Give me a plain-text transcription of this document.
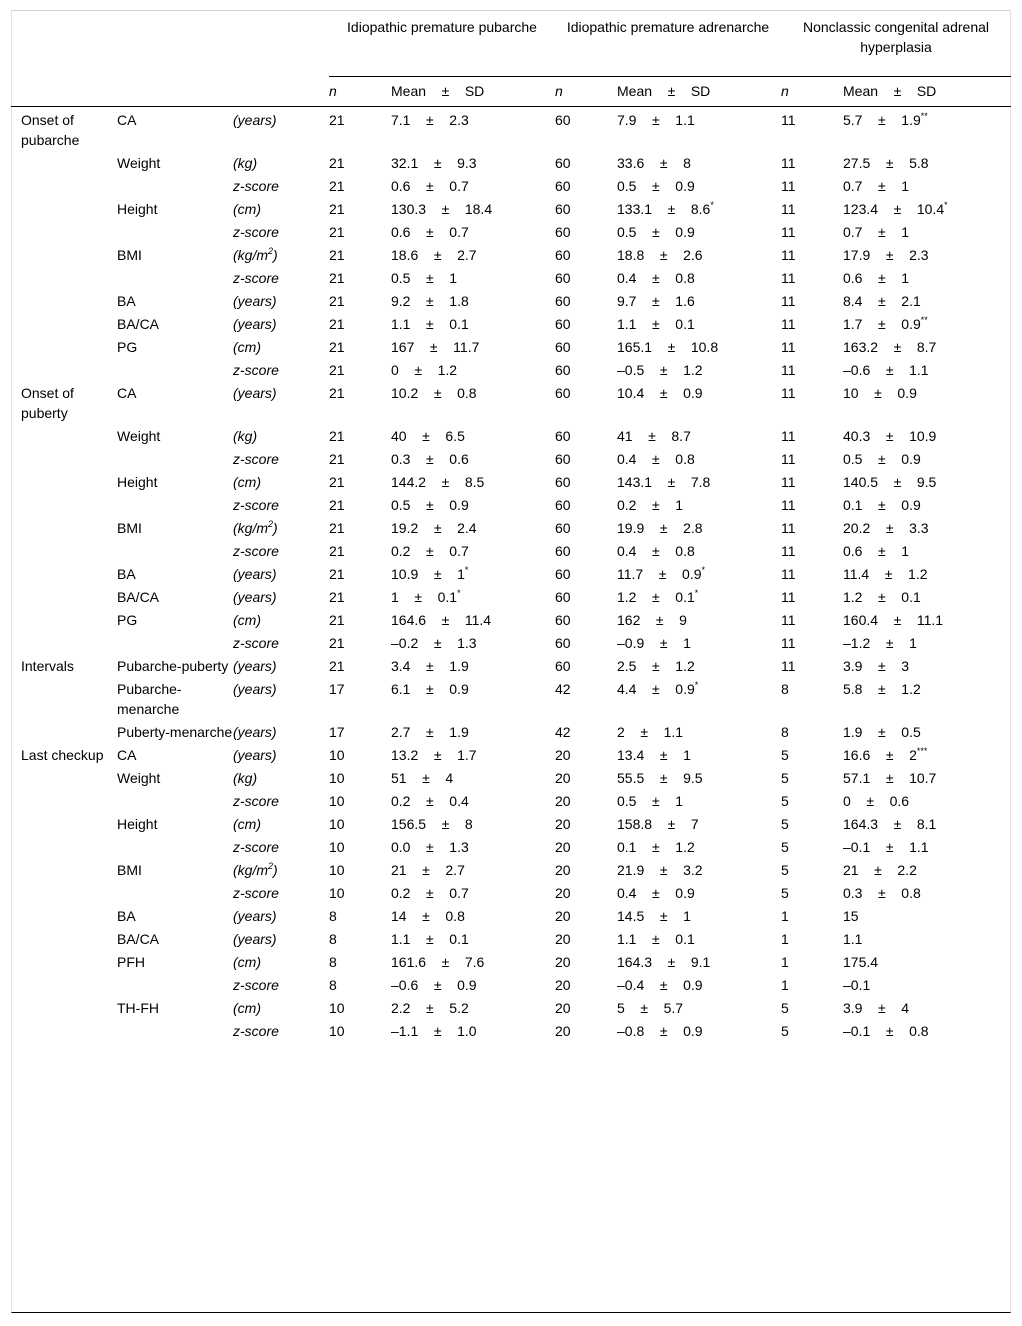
			Idiopathic premature pubarche		Idiopathic premature adrenarche		Nonclassic congenital adrenal hyperplasia	
			n	Mean ± SD	n	Mean ± SD	n	Mean ± SD
Onset of pubarche	CA	(years)	21	7.1 ± 2.3	60	7.9 ± 1.1	11	5.7 ± 1.9**
	Weight	(kg)	21	32.1 ± 9.3	60	33.6 ± 8	11	27.5 ± 5.8
		z-score	21	0.6 ± 0.7	60	0.5 ± 0.9	11	0.7 ± 1
	Height	(cm)	21	130.3 ± 18.4	60	133.1 ± 8.6*	11	123.4 ± 10.4*
		z-score	21	0.6 ± 0.7	60	0.5 ± 0.9	11	0.7 ± 1
	BMI	$(kg/m^2)$	21	18.6 ± 2.7	60	18.8 ± 2.6	11	17.9 ± 2.3
		z-score	21	0.5 ± 1	60	0.4 ± 0.8	11	0.6 ± 1
	BA	(years)	21	9.2 ± 1.8	60	9.7 ± 1.6	11	8.4 ± 2.1
	BA/CA	(years)	21	1.1 ± 0.1	60	1.1 ± 0.1	11	1.7 ± 0.9**
	PG	(cm)	21	167 ± 11.7	60	165.1 ± 10.8	11	163.2 ± 8.7
		z-score	21	0 ± 1.2	60	–0.5 ± 1.2	11	–0.6 ± 1.1
Onset of puberty	CA	(years)	21	10.2 ± 0.8	60	10.4 ± 0.9	11	10 ± 0.9
	Weight	(kg)	21	40 ± 6.5	60	41 ± 8.7	11	40.3 ± 10.9
		z-score	21	0.3 ± 0.6	60	0.4 ± 0.8	11	0.5 ± 0.9
	Height	(cm)	21	144.2 ± 8.5	60	143.1 ± 7.8	11	140.5 ± 9.5
		z-score	21	0.5 ± 0.9	60	0.2 ± 1	11	0.1 ± 0.9
	BMI	$(kg/m^2)$	21	19.2 ± 2.4	60	19.9 ± 2.8	11	20.2 ± 3.3
		z-score	21	0.2 ± 0.7	60	0.4 ± 0.8	11	0.6 ± 1
	BA	(years)	21	10.9 ± 1*	60	11.7 ± 0.9*	11	11.4 ± 1.2
	BA/CA	(years)	21	1 ± 0.1*	60	1.2 ± 0.1*	11	1.2 ± 0.1
	PG	(cm)	21	164.6 ± 11.4	60	162 ± 9	11	160.4 ± 11.1
		z-score	21	–0.2 ± 1.3	60	–0.9 ± 1	11	–1.2 ± 1
Intervals	Pubarche-puberty	(years)	21	3.4 ± 1.9	60	2.5 ± 1.2	11	3.9 ± 3
	Pubarche-menarche	(years)	17	6.1 ± 0.9	42	4.4 ± 0.9*	8	5.8 ± 1.2
	Puberty-menarche	(years)	17	2.7 ± 1.9	42	2 ± 1.1	8	1.9 ± 0.5
Last checkup	CA	(years)	10	13.2 ± 1.7	20	13.4 ± 1	5	16.6 ± 2***
	Weight	(kg)	10	51 ± 4	20	55.5 ± 9.5	5	57.1 ± 10.7
		z-score	10	0.2 ± 0.4	20	0.5 ± 1	5	0 ± 0.6
	Height	(cm)	10	156.5 ± 8	20	158.8 ± 7	5	164.3 ± 8.1
		z-score	10	0.0 ± 1.3	20	0.1 ± 1.2	5	–0.1 ± 1.1
	BMI	$(kg/m^2)$	10	21 ± 2.7	20	21.9 ± 3.2	5	21 ± 2.2
		z-score	10	0.2 ± 0.7	20	0.4 ± 0.9	5	0.3 ± 0.8
	BA	(years)	8	14 ± 0.8	20	14.5 ± 1	1	15
	BA/CA	(years)	8	1.1 ± 0.1	20	1.1 ± 0.1	1	1.1
	PFH	(cm)	8	161.6 ± 7.6	20	164.3 ± 9.1	1	175.4
		z-score	8	–0.6 ± 0.9	20	–0.4 ± 0.9	1	–0.1
	TH-FH	(cm)	10	2.2 ± 5.2	20	5 ± 5.7	5	3.9 ± 4
		z-score	10	–1.1 ± 1.0	20	–0.8 ± 0.9	5	–0.1 ± 0.8
